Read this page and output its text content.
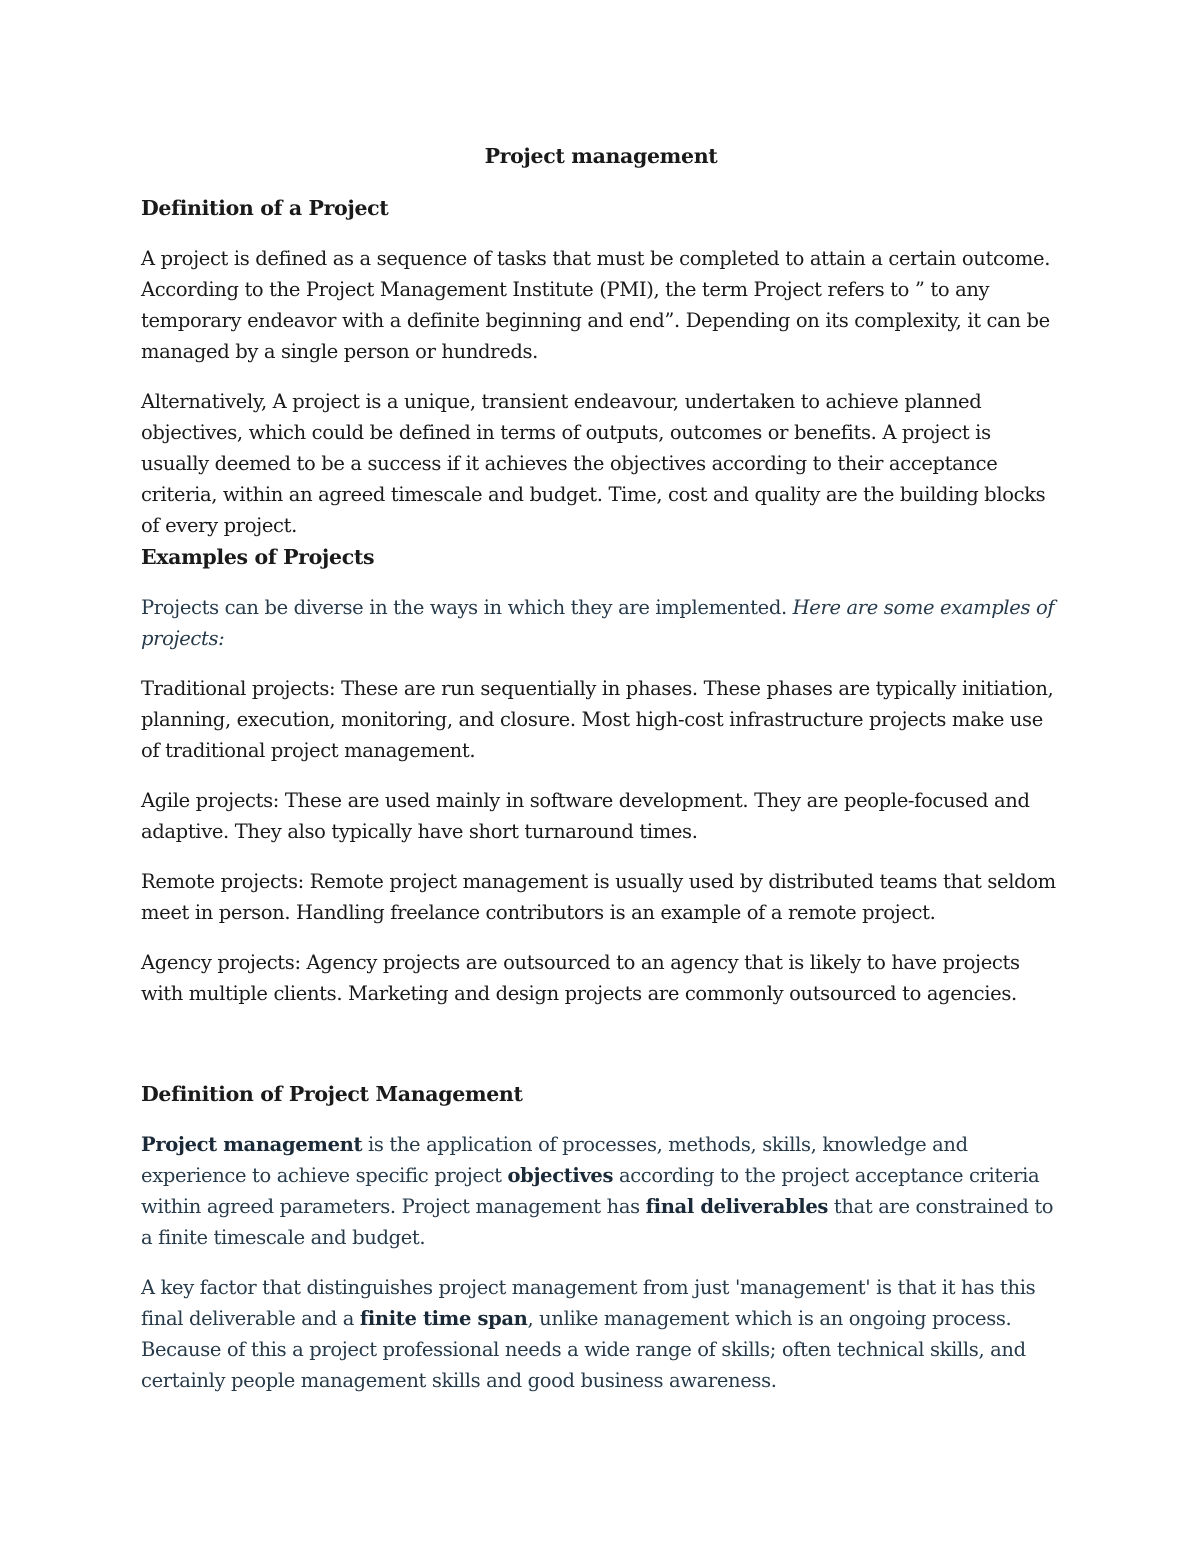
Project management
Definition of a Project

A project is defined as a sequence of tasks that must be completed to attain a certain outcome. According to the Project Management Institute (PMI), the term Project refers to ” to any temporary endeavor with a definite beginning and end”. Depending on its complexity, it can be managed by a single person or hundreds.

Alternatively, A project is a unique, transient endeavour, undertaken to achieve planned objectives, which could be defined in terms of outputs, outcomes or benefits. A project is usually deemed to be a success if it achieves the objectives according to their acceptance criteria, within an agreed timescale and budget. Time, cost and quality are the building blocks of every project.

Examples of Projects

Projects can be diverse in the ways in which they are implemented. Here are some examples of projects:

Traditional projects: These are run sequentially in phases. These phases are typically initiation, planning, execution, monitoring, and closure. Most high-cost infrastructure projects make use of traditional project management.

Agile projects: These are used mainly in software development. They are people-focused and adaptive. They also typically have short turnaround times.

Remote projects: Remote project management is usually used by distributed teams that seldom meet in person. Handling freelance contributors is an example of a remote project.

Agency projects: Agency projects are outsourced to an agency that is likely to have projects with multiple clients. Marketing and design projects are commonly outsourced to agencies.

Definition of Project Management

Project management is the application of processes, methods, skills, knowledge and experience to achieve specific project objectives according to the project acceptance criteria within agreed parameters. Project management has final deliverables that are constrained to a finite timescale and budget.

A key factor that distinguishes project management from just 'management' is that it has this final deliverable and a finite time span, unlike management which is an ongoing process. Because of this a project professional needs a wide range of skills; often technical skills, and certainly people management skills and good business awareness.
